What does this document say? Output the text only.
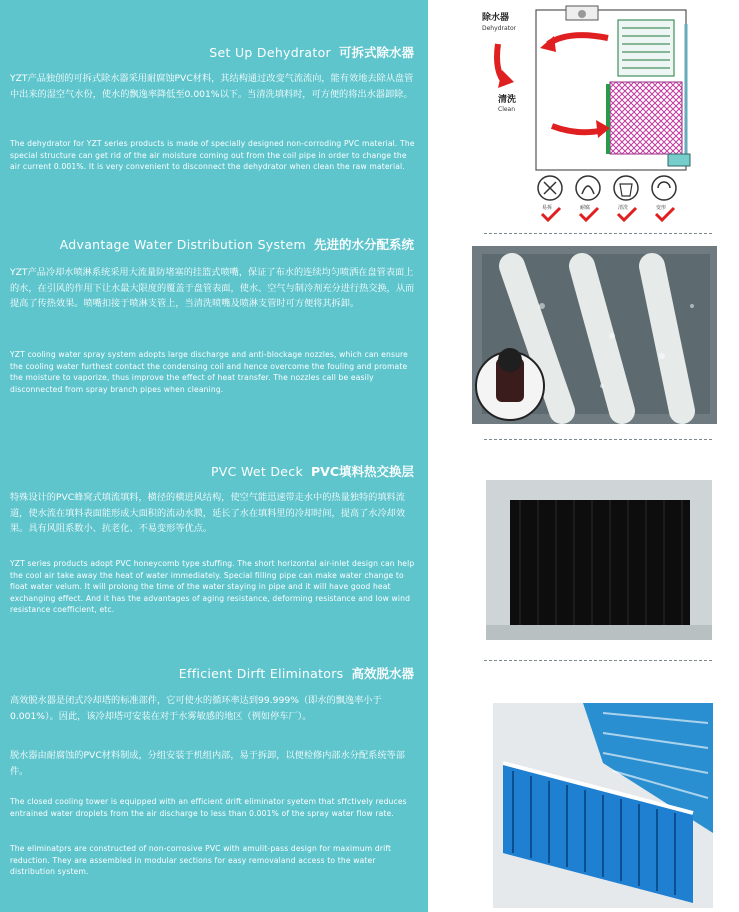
Set Up Dehydrator 可拆式除水器

YZT产品独创的可拆式除水器采用耐腐蚀PVC材料，其结构通过改变气流流向，能有效地去除从盘管中出来的湿空气水份，使水的飘逸率降低至0.001%以下。当清洗填料时，可方便的将出水器卸除。

The dehydrator for YZT series products is made of specially designed non-corroding PVC material. The special structure can get rid of the air moisture coming out from the coil pipe in order to change the air current 0.001%. It is very convenient to disconnect the dehydrator when clean the raw material.

Advantage Water Distribution System 先进的水分配系统

YZT产品冷却水喷淋系统采用大流量防堵塞的挂篮式喷嘴，保证了布水的连续均匀喷洒在盘管表面上的水，在引风的作用下让水最大限度的覆盖于盘管表面，使水、空气与制冷剂充分进行热交换，从而提高了传热效果。喷嘴扣接于喷淋支管上，当清洗喷嘴及喷淋支管时可方便将其拆卸。

YZT cooling water spray system adopts large discharge and anti-blockage nozzles, which can ensure the cooling water furthest contact the condensing coil and hence overcome the fouling and promate the moisture to vaporize, thus improve the effect of heat transfer. The nozzles call be easily disconnected from spray branch pipes when cleaning.

PVC Wet Deck PVC填料热交换层

特殊设计的PVC蜂窝式填流填料，横径的横进风结构，使空气能迅速带走水中的热量独特的填料流道，使水流在填料表面能形成大面积的流动水膜，延长了水在填料里的冷却时间，提高了水冷却效果。具有风阻系数小、抗老化、不易变形等优点。

YZT series products adopt PVC honeycomb type stuffing. The short horizontal air-inlet design can help the cool air take away the heat of water immediately. Special filling pipe can make water change to float water velum. It will prolong the time of the water staying in pipe and it will have good heat exchanging effect. And it has the advantages of aging resistance, deforming resistance and low wind resistance coefficient, etc.

Efficient Dirft Eliminators 高效脱水器

高效脱水器是闭式冷却塔的标准部件，它可使水的循环率达到99.999%（即水的飘逸率小于0.001%）。因此，该冷却塔可安装在对于水雾敏感的地区（例如停车厂）。

脱水器由耐腐蚀的PVC材料制成，分组安装于机组内部，易于拆卸，以便检修内部水分配系统等部件。

The closed cooling tower is equipped with an efficient drift eliminator syetem that sffctively reduces entrained water droplets from the air discharge to less than 0.001% of the spray water flow rate.

The eliminatprs are constructed of non-corrosive PVC with amulit-pass design for maximum drift reduction. They are assembled in modular sections for easy removaland access to the water distribution system.

除水器
Dehydrator
清洗
Clean
易拆	耐腐	清洗	变形
